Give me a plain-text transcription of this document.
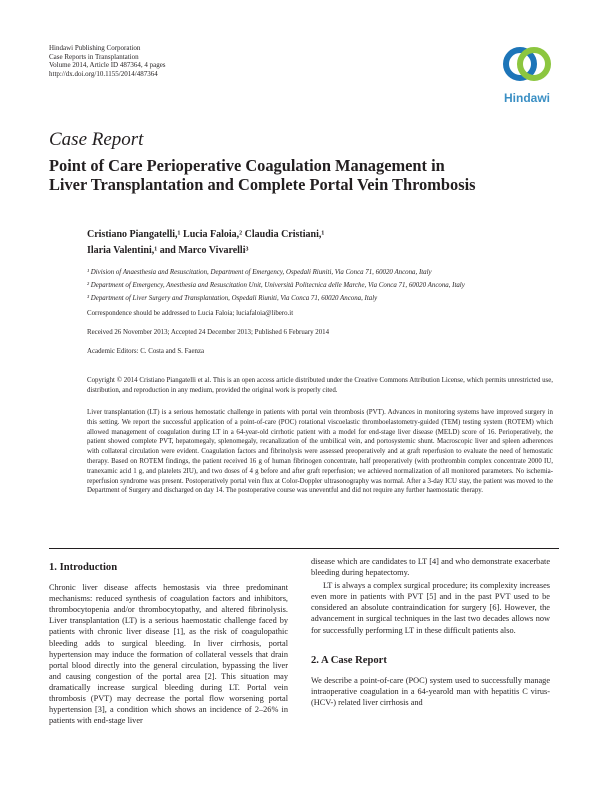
Hindawi Publishing Corporation
Case Reports in Transplantation
Volume 2014, Article ID 487364, 4 pages
http://dx.doi.org/10.1155/2014/487364
Hindawi
Case Report
Point of Care Perioperative Coagulation Management in
Liver Transplantation and Complete Portal Vein Thrombosis
Cristiano Piangatelli,¹ Lucia Faloia,² Claudia Cristiani,¹
Ilaria Valentini,¹ and Marco Vivarelli³
¹ Division of Anaesthesia and Resuscitation, Department of Emergency, Ospedali Riuniti, Via Conca 71, 60020 Ancona, Italy
² Department of Emergency, Anesthesia and Resuscitation Unit, Università Politecnica delle Marche, Via Conca 71, 60020 Ancona, Italy
³ Department of Liver Surgery and Transplantation, Ospedali Riuniti, Via Conca 71, 60020 Ancona, Italy
Correspondence should be addressed to Lucia Faloia; luciafaloia@libero.it
Received 26 November 2013; Accepted 24 December 2013; Published 6 February 2014
Academic Editors: C. Costa and S. Faenza
Copyright © 2014 Cristiano Piangatelli et al. This is an open access article distributed under the Creative Commons Attribution License, which permits unrestricted use, distribution, and reproduction in any medium, provided the original work is properly cited.
Liver transplantation (LT) is a serious hemostatic challenge in patients with portal vein thrombosis (PVT). Advances in monitoring systems have improved surgery in this setting. We report the successful application of a point-of-care (POC) rotational viscoelastic thromboelastometry-guided (TEM) testing system (ROTEM) which allowed management of coagulation during LT in a 64-year-old cirrhotic patient with a model for end-stage liver disease (MELD) score of 16. Perioperatively, the patient showed complete PVT, hepatomegaly, splenomegaly, recanalization of the umbilical vein, and portosystemic shunt. Macroscopic liver and spleen adherences with collateral circulation were evident. Coagulation factors and fibrinolysis were assessed preoperatively and at graft reperfusion to evaluate the need of hemostatic therapy. Based on ROTEM findings, the patient received 16 g of human fibrinogen concentrate, half preoperatively (with prothrombin complex concentrate 2000 IU, tranexamic acid 1 g, and platelets 2IU), and two doses of 4 g before and after graft reperfusion; we achieved normalization of all monitored parameters. No ischemia-reperfusion syndrome was present. Postoperatively portal vein flux at Color-Doppler ultrasonography was normal. After a 3-day ICU stay, the patient was moved to the Department of Surgery and discharged on day 14. The postoperative course was uneventful and did not require any further haemostatic therapy.
1. Introduction

Chronic liver disease affects hemostasis via three predominant mechanisms: reduced synthesis of coagulation factors and inhibitors, thrombocytopenia and/or thrombocytopathy, and altered fibrinolysis. Liver transplantation (LT) is a serious haemostatic challenge faced by patients with chronic liver disease [1], as the risk of coagulopathic bleeding adds to surgical bleeding. In liver cirrhosis, portal hypertension may induce the formation of collateral vessels that drain portal blood directly into the general circulation, bypassing the liver and causing congestion of the portal area [2]. This situation may dramatically increase surgical bleeding during LT. Portal vein thrombosis (PVT) may decrease the portal flow worsening portal hypertension [3], a condition which shows an incidence of 2–26% in patients with end-stage liver

disease which are candidates to LT [4] and who demonstrate exacerbate bleeding during hepatectomy.

LT is always a complex surgical procedure; its complexity increases even more in patients with PVT [5] and in the past PVT used to be considered an absolute contraindication for surgery [6]. However, the advancement in surgical techniques in the last two decades allows now for successfully performing LT in these difficult patients also.

2. A Case Report

We describe a point-of-care (POC) system used to successfully manage intraoperative coagulation in a 64-yearold man with hepatitis C virus- (HCV-) related liver cirrhosis and
